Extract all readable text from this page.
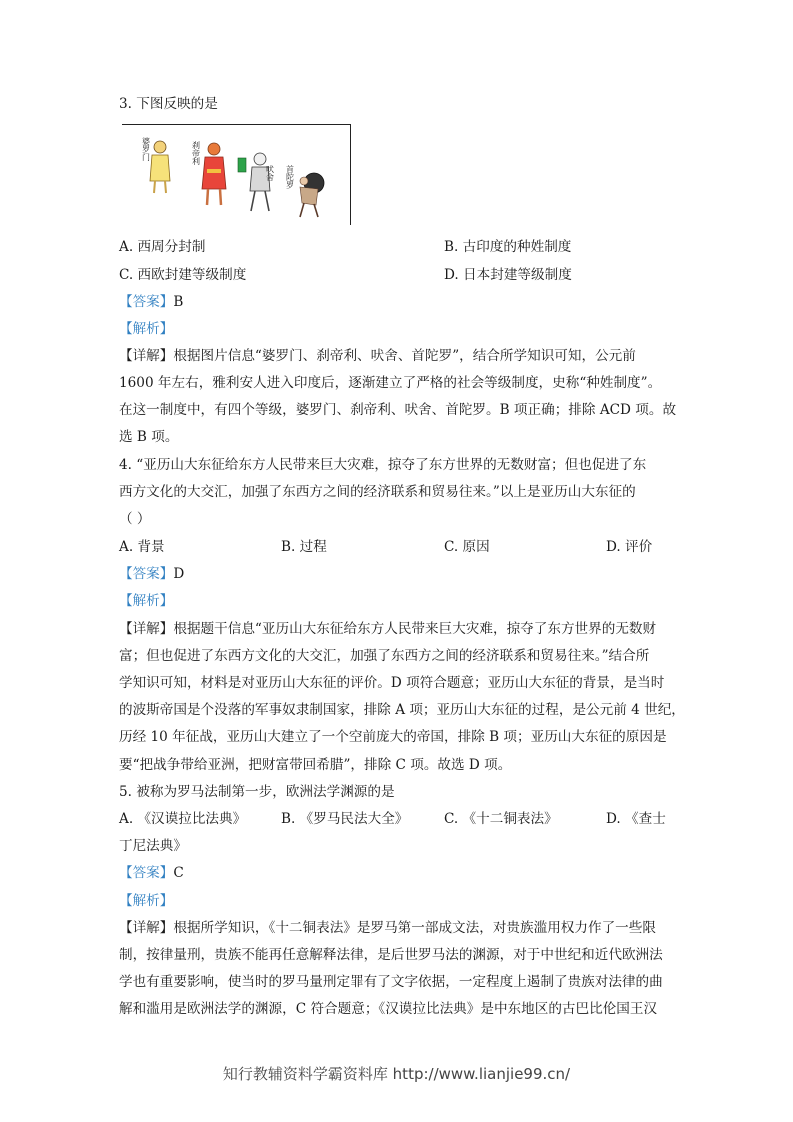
3. 下图反映的是
婆罗门	刹帝利
吠舍 首陀罗
A. 西周分封制	B. 古印度的种姓制度
C. 西欧封建等级制度	D. 日本封建等级制度
【答案】B
【解析】
【详解】根据图片信息“婆罗门、刹帝利、吠舍、首陀罗”，结合所学知识可知，公元前
1600 年左右，雅利安人进入印度后，逐渐建立了严格的社会等级制度，史称“种姓制度”。
在这一制度中，有四个等级，婆罗门、刹帝利、吠舍、首陀罗。B 项正确；排除 ACD 项。故
选 B 项。
4. “亚历山大东征给东方人民带来巨大灾难，掠夺了东方世界的无数财富；但也促进了东
西方文化的大交汇，加强了东西方之间的经济联系和贸易往来。”以上是亚历山大东征的
（ ）
A. 背景	B. 过程	C. 原因	D. 评价
【答案】D
【解析】
【详解】根据题干信息“亚历山大东征给东方人民带来巨大灾难，掠夺了东方世界的无数财
富；但也促进了东西方文化的大交汇，加强了东西方之间的经济联系和贸易往来。”结合所
学知识可知，材料是对亚历山大东征的评价。D 项符合题意；亚历山大东征的背景，是当时
的波斯帝国是个没落的军事奴隶制国家，排除 A 项；亚历山大东征的过程，是公元前 4 世纪，
历经 10 年征战，亚历山大建立了一个空前庞大的帝国，排除 B 项；亚历山大东征的原因是
要“把战争带给亚洲，把财富带回希腊”，排除 C 项。故选 D 项。
5. 被称为罗马法制第一步，欧洲法学渊源的是
A. 《汉谟拉比法典》	B. 《罗马民法大全》	C. 《十二铜表法》	D. 《查士
丁尼法典》
【答案】C
【解析】
【详解】根据所学知识，《十二铜表法》是罗马第一部成文法，对贵族滥用权力作了一些限
制，按律量刑，贵族不能再任意解释法律，是后世罗马法的渊源，对于中世纪和近代欧洲法
学也有重要影响，使当时的罗马量刑定罪有了文字依据，一定程度上遏制了贵族对法律的曲
解和滥用是欧洲法学的渊源，C 符合题意；《汉谟拉比法典》是中东地区的古巴比伦国王汉
知行教辅资料学霸资料库 http://www.lianjie99.cn/
